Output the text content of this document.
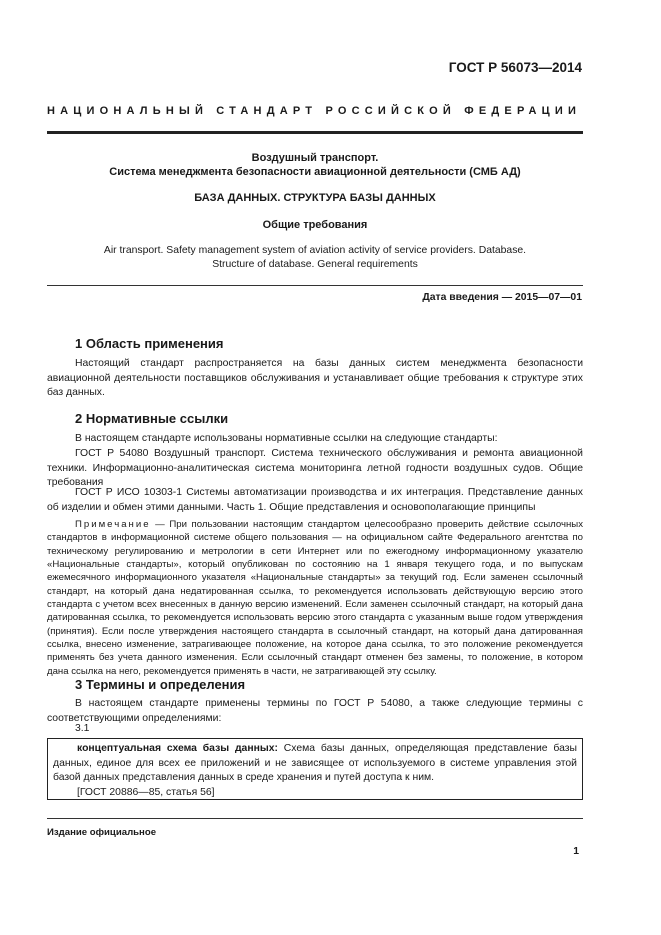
ГОСТ Р 56073—2014
НАЦИОНАЛЬНЫЙ СТАНДАРТ РОССИЙСКОЙ ФЕДЕРАЦИИ
Воздушный транспорт.
Система менеджмента безопасности авиационной деятельности (СМБ АД)
БАЗА ДАННЫХ. СТРУКТУРА БАЗЫ ДАННЫХ
Общие требования
Air transport. Safety management system of aviation activity of service providers. Database.
Structure of database. General requirements
Дата введения — 2015—07—01
1 Область применения
Настоящий стандарт распространяется на базы данных систем менеджмента безопасности авиационной деятельности поставщиков обслуживания и устанавливает общие требования к структуре этих баз данных.
2 Нормативные ссылки
В настоящем стандарте использованы нормативные ссылки на следующие стандарты:
ГОСТ Р 54080 Воздушный транспорт. Система технического обслуживания и ремонта авиационной техники. Информационно-аналитическая система мониторинга летной годности воздушных судов. Общие требования
ГОСТ Р ИСО 10303-1 Системы автоматизации производства и их интеграция. Представление данных об изделии и обмен этими данными. Часть 1. Общие представления и основополагающие принципы
Примечание — При пользовании настоящим стандартом целесообразно проверить действие ссылочных стандартов в информационной системе общего пользования — на официальном сайте Федерального агентства по техническому регулированию и метрологии в сети Интернет или по ежегодному информационному указателю «Национальные стандарты», который опубликован по состоянию на 1 января текущего года, и по выпускам ежемесячного информационного указателя «Национальные стандарты» за текущий год. Если заменен ссылочный стандарт, на который дана недатированная ссылка, то рекомендуется использовать действующую версию этого стандарта с учетом всех внесенных в данную версию изменений. Если заменен ссылочный стандарт, на который дана датированная ссылка, то рекомендуется использовать версию этого стандарта с указанным выше годом утверждения (принятия). Если после утверждения настоящего стандарта в ссылочный стандарт, на который дана датированная ссылка, внесено изменение, затрагивающее положение, на которое дана ссылка, то это положение рекомендуется применять без учета данного изменения. Если ссылочный стандарт отменен без замены, то положение, в котором дана ссылка на него, рекомендуется применять в части, не затрагивающей эту ссылку.
3 Термины и определения
В настоящем стандарте применены термины по ГОСТ Р 54080, а также следующие термины с соответствующими определениями:
3.1
концептуальная схема базы данных: Схема базы данных, определяющая представление базы данных, единое для всех ее приложений и не зависящее от используемого в системе управления этой базой данных представления данных в среде хранения и путей доступа к ним.
[ГОСТ 20886—85, статья 56]
Издание официальное
1
